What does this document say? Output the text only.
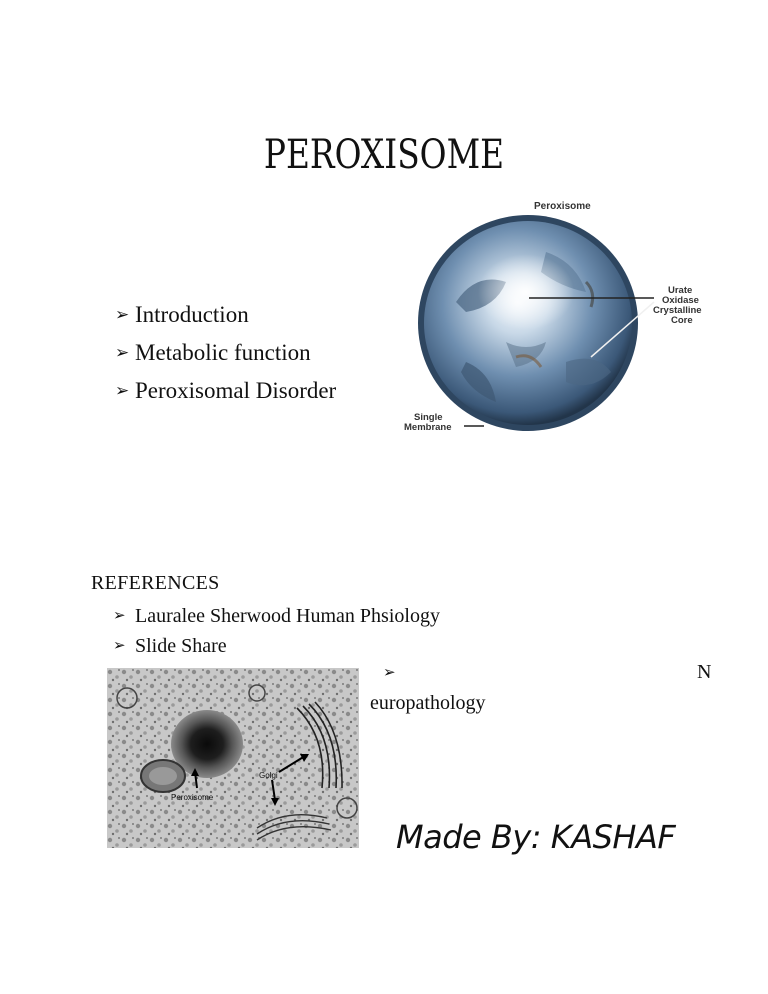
PEROXISOME
➢ Introduction
➢ Metabolic function
➢ Peroxisomal Disorder
Peroxisome
Urate
Oxidase
Crystalline
Core
Single
Membrane
REFERENCES
➢ Lauralee Sherwood Human Phsiology
➢ Slide Share
➢	N
europathology
Peroxisome
Golgi
Made By: KASHAF
